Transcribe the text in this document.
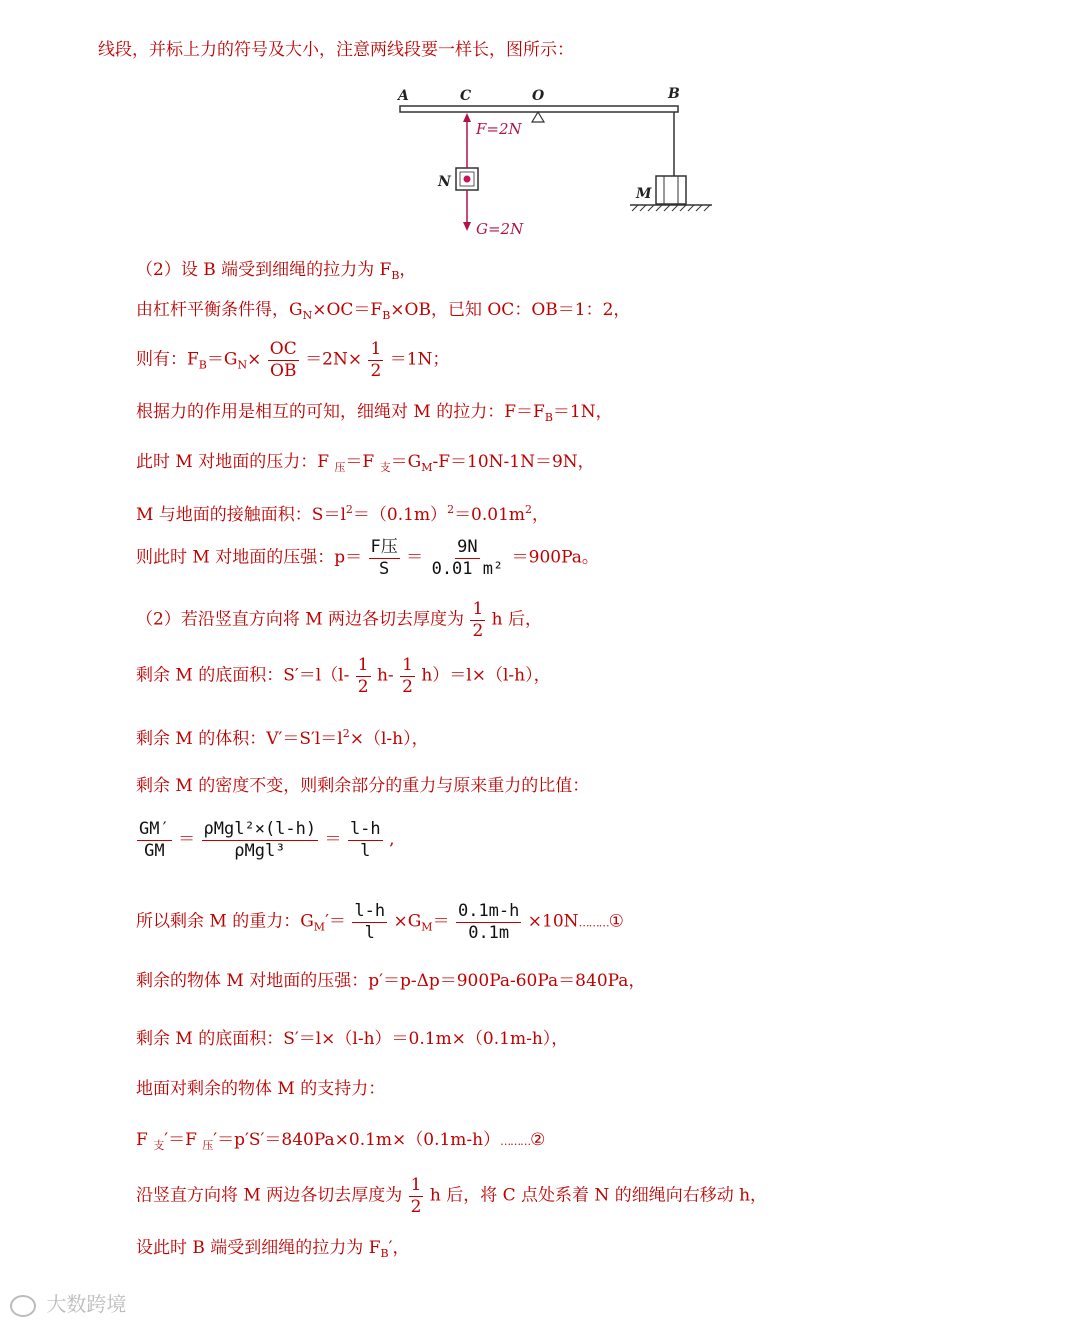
线段，并标上力的符号及大小，注意两线段要一样长，图所示：
A	C	O	B
M
N
F=2N
G=2N
（2）设 B 端受到细绳的拉力为 $F_B$，
由杠杆平衡条件得，$G_N\times OC=F_B\times OB$，已知 OC：OB＝1：2，
则有：$F_B=G_N\times \frac{OC}{OB} =2N\times \frac{1}{2} =1N$；
根据力的作用是相互的可知，细绳对 M 的拉力：$F=F_B=1N$，
此时 M 对地面的压力：F $_压$＝F $_支=G_M-F=10N-1N=9N$，
M 与地面的接触面积：$S=l^2=(0.1m)^2=0.01m^2$，
则此时 M 对地面的压强：$p= \frac{\text{F压}}{S} = \frac{9N}{\text{0.01 m²}} =900Pa$。
（2）若沿竖直方向将 M 两边各切去厚度为 $\frac{1}{2}$ h 后，
剩余 M 的底面积：$S'=l(l- \frac{1}{2} h- \frac{1}{2} h)=l\times(l-h)$，
剩余 M 的体积：$V'=S'l=l^2\times(l-h)$，
剩余 M 的密度不变，则剩余部分的重力与原来重力的比值：
$\frac{GM'}{GM} = \frac{\text{ρMgl²×(l-h)}}{\text{ρMgl³}} = \frac{l-h}{l}$ ,
所以剩余 M 的重力：$G_M'= \frac{l-h}{l} \times G_M= \frac{0.1m-h}{0.1m}$ ×10N………①
剩余的物体 M 对地面的压强：p′＝p-Δp＝900Pa-60Pa＝840Pa，
剩余 M 的底面积：S′＝l×（l-h）＝0.1m×（0.1m-h），
地面对剩余的物体 M 的支持力：
F $_支$′＝F $_压$′＝p′S′＝840Pa×0.1m×（0.1m-h）………②
沿竖直方向将 M 两边各切去厚度为 $\frac{1}{2}$ h 后，将 C 点处系着 N 的细绳向右移动 h，
设此时 B 端受到细绳的拉力为 $F_B'$，
大数跨境
